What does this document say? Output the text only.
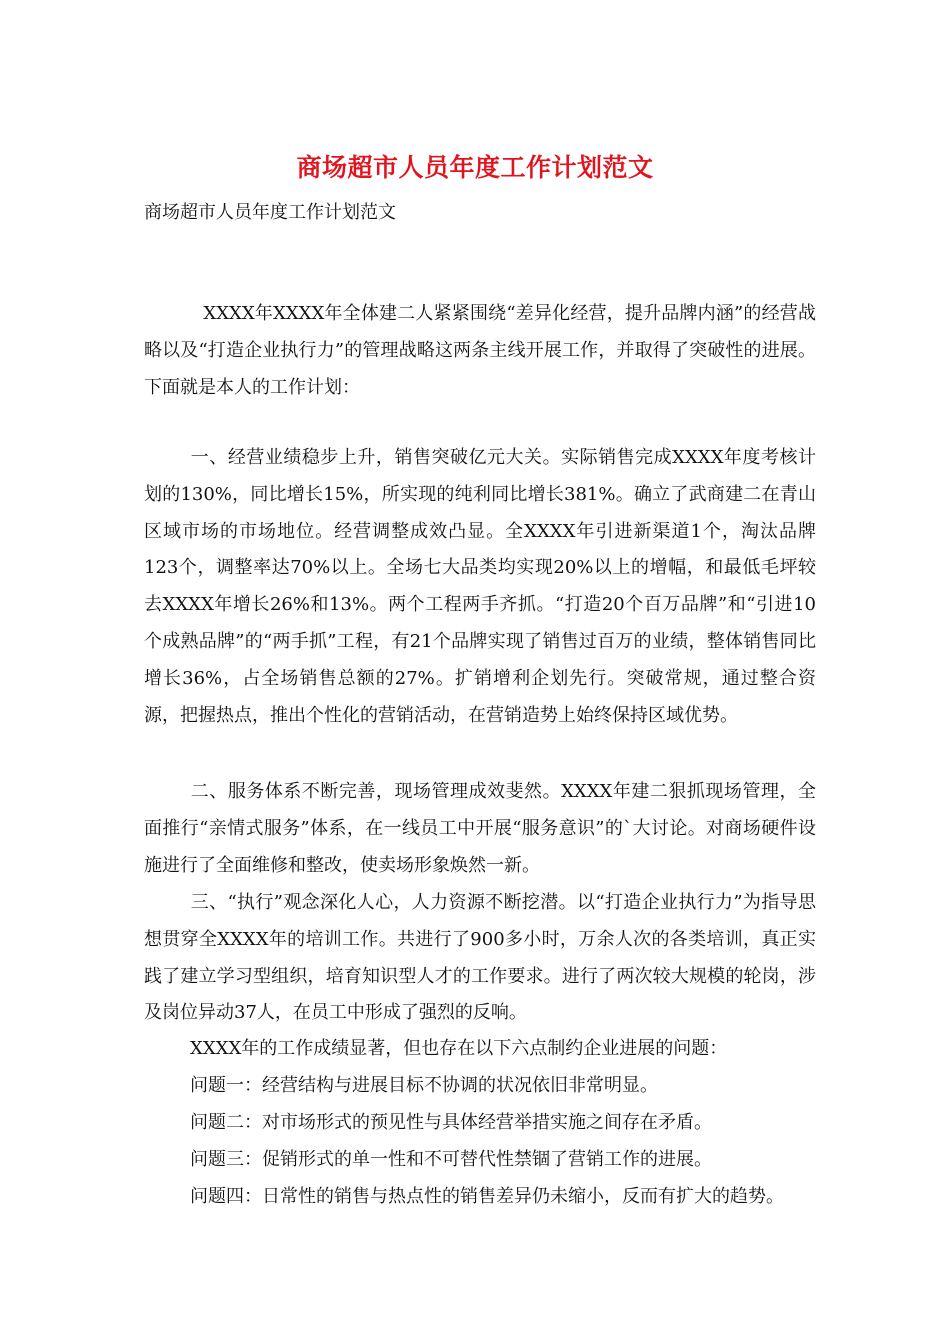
商场超市人员年度工作计划范文
商场超市人员年度工作计划范文

XXXX年XXXX年全体建二人紧紧围绕“差异化经营，提升品牌内涵”的经营战略以及“打造企业执行力”的管理战略这两条主线开展工作，并取得了突破性的进展。下面就是本人的工作计划：

一、经营业绩稳步上升，销售突破亿元大关。实际销售完成XXXX年度考核计划的130%，同比增长15%，所实现的纯利同比增长381%。确立了武商建二在青山区域市场的市场地位。经营调整成效凸显。全XXXX年引进新渠道1个，淘汰品牌123个，调整率达70%以上。全场七大品类均实现20%以上的增幅，和最低毛坪较去XXXX年增长26%和13%。两个工程两手齐抓。“打造20个百万品牌”和“引进10个成熟品牌”的“两手抓”工程，有21个品牌实现了销售过百万的业绩，整体销售同比增长36%，占全场销售总额的27%。扩销增利企划先行。突破常规，通过整合资源，把握热点，推出个性化的营销活动，在营销造势上始终保持区域优势。

二、服务体系不断完善，现场管理成效斐然。XXXX年建二狠抓现场管理，全面推行“亲情式服务”体系，在一线员工中开展“服务意识”的`大讨论。对商场硬件设施进行了全面维修和整改，使卖场形象焕然一新。

三、“执行”观念深化人心，人力资源不断挖潜。以“打造企业执行力”为指导思想贯穿全XXXX年的培训工作。共进行了900多小时，万余人次的各类培训，真正实践了建立学习型组织，培育知识型人才的工作要求。进行了两次较大规模的轮岗，涉及岗位异动37人，在员工中形成了强烈的反响。

XXXX年的工作成绩显著，但也存在以下六点制约企业进展的问题：
问题一：经营结构与进展目标不协调的状况依旧非常明显。
问题二：对市场形式的预见性与具体经营举措实施之间存在矛盾。
问题三：促销形式的单一性和不可替代性禁锢了营销工作的进展。
问题四：日常性的销售与热点性的销售差异仍未缩小，反而有扩大的趋势。
